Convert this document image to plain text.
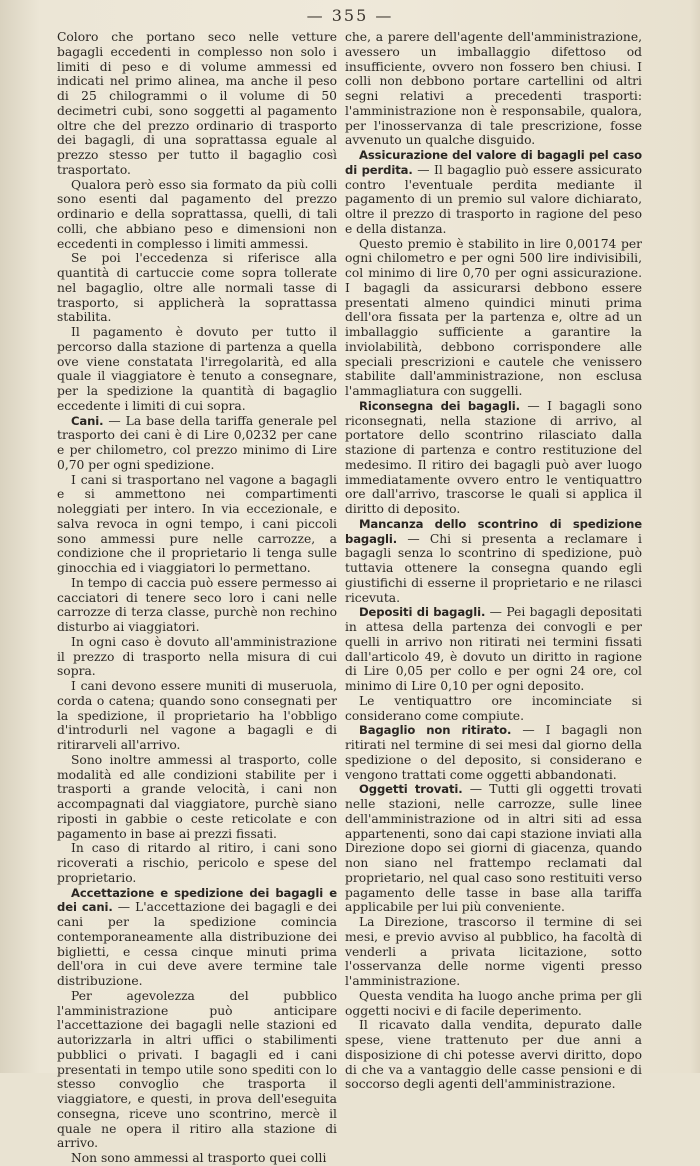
— 355 —

Coloro che portano seco nelle vetture bagagli eccedenti in complesso non solo i limiti di peso e di volume ammessi ed indicati nel primo alinea, ma anche il peso di 25 chilogrammi o il volume di 50 decimetri cubi, sono soggetti al pagamento oltre che del prezzo ordinario di trasporto dei bagagli, di una soprattassa eguale al prezzo stesso per tutto il bagaglio così trasportato.

Qualora però esso sia formato da più colli sono esenti dal pagamento del prezzo ordinario e della soprattassa, quelli, di tali colli, che abbiano peso e dimensioni non eccedenti in complesso i limiti ammessi.

Se poi l'eccedenza si riferisce alla quantità di cartuccie come sopra tollerate nel bagaglio, oltre alle normali tasse di trasporto, si applicherà la soprattassa stabilita.

Il pagamento è dovuto per tutto il percorso dalla stazione di partenza a quella ove viene constatata l'irregolarità, ed alla quale il viaggiatore è tenuto a consegnare, per la spedizione la quantità di bagaglio eccedente i limiti di cui sopra.

Cani. — La base della tariffa generale pel trasporto dei cani è di Lire 0,0232 per cane e per chilometro, col prezzo minimo di Lire 0,70 per ogni spedizione.

I cani si trasportano nel vagone a bagagli e si ammettono nei compartimenti noleggiati per intero. In via eccezionale, e salva revoca in ogni tempo, i cani piccoli sono ammessi pure nelle carrozze, a condizione che il proprietario li tenga sulle ginocchia ed i viaggiatori lo permettano.

In tempo di caccia può essere permesso ai cacciatori di tenere seco loro i cani nelle carrozze di terza classe, purchè non rechino disturbo ai viaggiatori.

In ogni caso è dovuto all'amministrazione il prezzo di trasporto nella misura di cui sopra.

I cani devono essere muniti di museruola, corda o catena; quando sono consegnati per la spedizione, il proprietario ha l'obbligo d'introdurli nel vagone a bagagli e di ritirarveli all'arrivo.

Sono inoltre ammessi al trasporto, colle modalità ed alle condizioni stabilite per i trasporti a grande velocità, i cani non accompagnati dal viaggiatore, purchè siano riposti in gabbie o ceste reticolate e con pagamento in base ai prezzi fissati.

In caso di ritardo al ritiro, i cani sono ricoverati a rischio, pericolo e spese del proprietario.

Accettazione e spedizione dei bagagli e dei cani. — L'accettazione dei bagagli e dei cani per la spedizione comincia contemporaneamente alla distribuzione dei biglietti, e cessa cinque minuti prima dell'ora in cui deve avere termine tale distribuzione.

Per agevolezza del pubblico l'amministrazione può anticipare l'accettazione dei bagagli nelle stazioni ed autorizzarla in altri uffici o stabilimenti pubblici o privati. I bagagli ed i cani presentati in tempo utile sono spediti con lo stesso convoglio che trasporta il viaggiatore, e questi, in prova dell'eseguita consegna, riceve uno scontrino, mercè il quale ne opera il ritiro alla stazione di arrivo.

Non sono ammessi al trasporto quei colli

che, a parere dell'agente dell'amministrazione, avessero un imballaggio difettoso od insufficiente, ovvero non fossero ben chiusi. I colli non debbono portare cartellini od altri segni relativi a precedenti trasporti: l'amministrazione non è responsabile, qualora, per l'inosservanza di tale prescrizione, fosse avvenuto un qualche disguido.

Assicurazione del valore di bagagli pel caso di perdita. — Il bagaglio può essere assicurato contro l'eventuale perdita mediante il pagamento di un premio sul valore dichiarato, oltre il prezzo di trasporto in ragione del peso e della distanza.

Questo premio è stabilito in lire 0,00174 per ogni chilometro e per ogni 500 lire indivisibili, col minimo di lire 0,70 per ogni assicurazione. I bagagli da assicurarsi debbono essere presentati almeno quindici minuti prima dell'ora fissata per la partenza e, oltre ad un imballaggio sufficiente a garantire la inviolabilità, debbono corrispondere alle speciali prescrizioni e cautele che venissero stabilite dall'amministrazione, non esclusa l'ammagliatura con suggelli.

Riconsegna dei bagagli. — I bagagli sono riconsegnati, nella stazione di arrivo, al portatore dello scontrino rilasciato dalla stazione di partenza e contro restituzione del medesimo. Il ritiro dei bagagli può aver luogo immediatamente ovvero entro le ventiquattro ore dall'arrivo, trascorse le quali si applica il diritto di deposito.

Mancanza dello scontrino di spedizione bagagli. — Chi si presenta a reclamare i bagagli senza lo scontrino di spedizione, può tuttavia ottenere la consegna quando egli giustifichi di esserne il proprietario e ne rilasci ricevuta.

Depositi di bagagli. — Pei bagagli depositati in attesa della partenza dei convogli e per quelli in arrivo non ritirati nei termini fissati dall'articolo 49, è dovuto un diritto in ragione di Lire 0,05 per collo e per ogni 24 ore, col minimo di Lire 0,10 per ogni deposito.

Le ventiquattro ore incominciate si considerano come compiute.

Bagaglio non ritirato. — I bagagli non ritirati nel termine di sei mesi dal giorno della spedizione o del deposito, si considerano e vengono trattati come oggetti abbandonati.

Oggetti trovati. — Tutti gli oggetti trovati nelle stazioni, nelle carrozze, sulle linee dell'amministrazione od in altri siti ad essa appartenenti, sono dai capi stazione inviati alla Direzione dopo sei giorni di giacenza, quando non siano nel frattempo reclamati dal proprietario, nel qual caso sono restituiti verso pagamento delle tasse in base alla tariffa applicabile per lui più conveniente.

La Direzione, trascorso il termine di sei mesi, e previo avviso al pubblico, ha facoltà di venderli a privata licitazione, sotto l'osservanza delle norme vigenti presso l'amministrazione.

Questa vendita ha luogo anche prima per gli oggetti nocivi e di facile deperimento.

Il ricavato dalla vendita, depurato dalle spese, viene trattenuto per due anni a disposizione di chi potesse avervi diritto, dopo di che va a vantaggio delle casse pensioni e di soccorso degli agenti dell'amministrazione.
